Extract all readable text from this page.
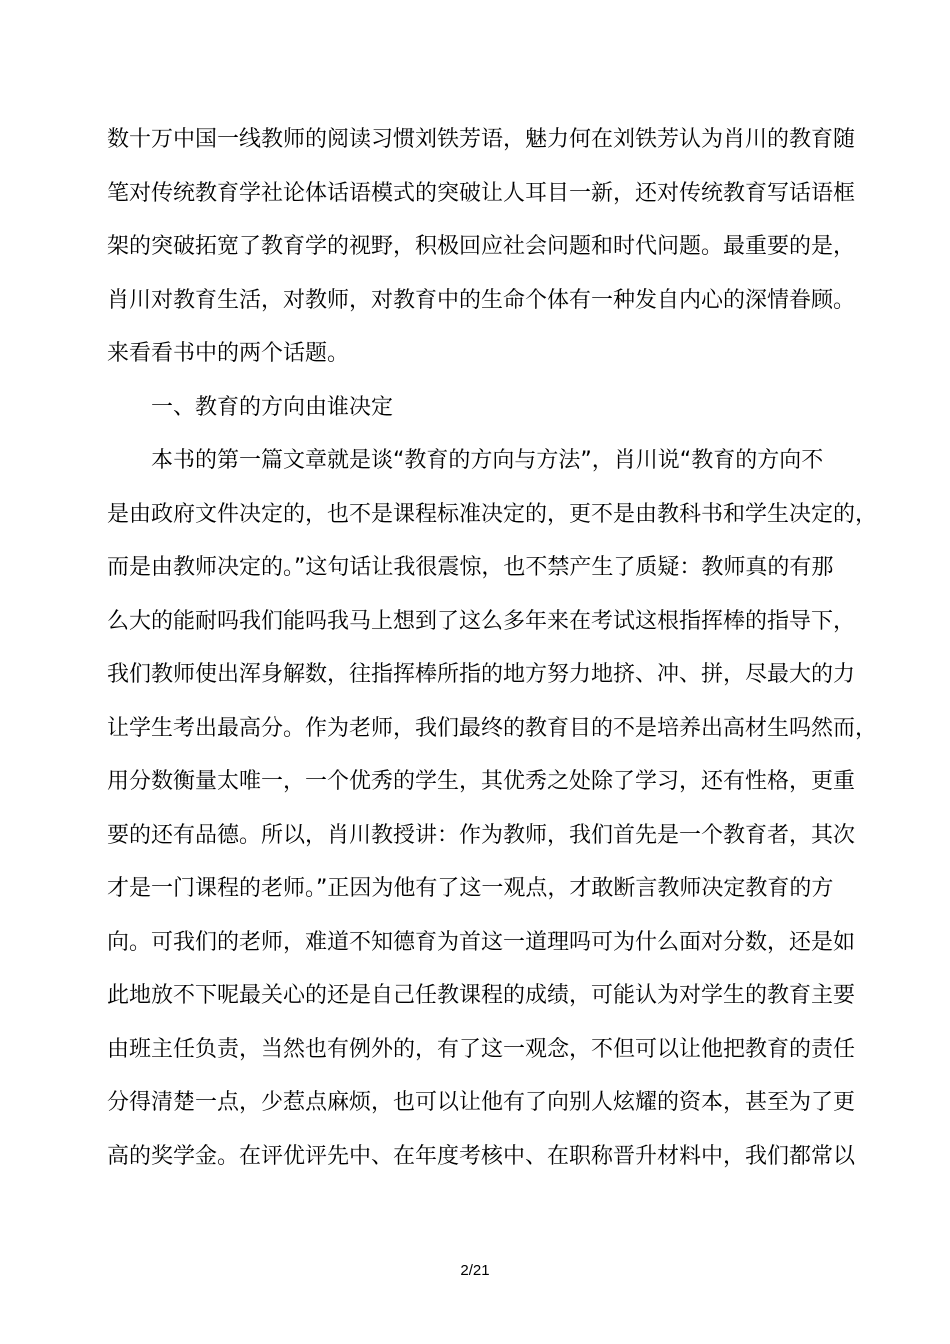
数十万中国一线教师的阅读习惯刘铁芳语，魅力何在刘铁芳认为肖川的教育随
笔对传统教育学社论体话语模式的突破让人耳目一新，还对传统教育写话语框
架的突破拓宽了教育学的视野，积极回应社会问题和时代问题。最重要的是，
肖川对教育生活，对教师，对教育中的生命个体有一种发自内心的深情眷顾。
来看看书中的两个话题。
一、教育的方向由谁决定
本书的第一篇文章就是谈“教育的方向与方法”，肖川说“教育的方向不
是由政府文件决定的，也不是课程标准决定的，更不是由教科书和学生决定的，
而是由教师决定的。”这句话让我很震惊，也不禁产生了质疑：教师真的有那
么大的能耐吗我们能吗我马上想到了这么多年来在考试这根指挥棒的指导下，
我们教师使出浑身解数，往指挥棒所指的地方努力地挤、冲、拼，尽最大的力
让学生考出最高分。作为老师，我们最终的教育目的不是培养出高材生吗然而，
用分数衡量太唯一，一个优秀的学生，其优秀之处除了学习，还有性格，更重
要的还有品德。所以，肖川教授讲：作为教师，我们首先是一个教育者，其次
才是一门课程的老师。”正因为他有了这一观点，才敢断言教师决定教育的方
向。可我们的老师，难道不知德育为首这一道理吗可为什么面对分数，还是如
此地放不下呢最关心的还是自己任教课程的成绩，可能认为对学生的教育主要
由班主任负责，当然也有例外的，有了这一观念，不但可以让他把教育的责任
分得清楚一点，少惹点麻烦，也可以让他有了向别人炫耀的资本，甚至为了更
高的奖学金。在评优评先中、在年度考核中、在职称晋升材料中，我们都常以
2/21
